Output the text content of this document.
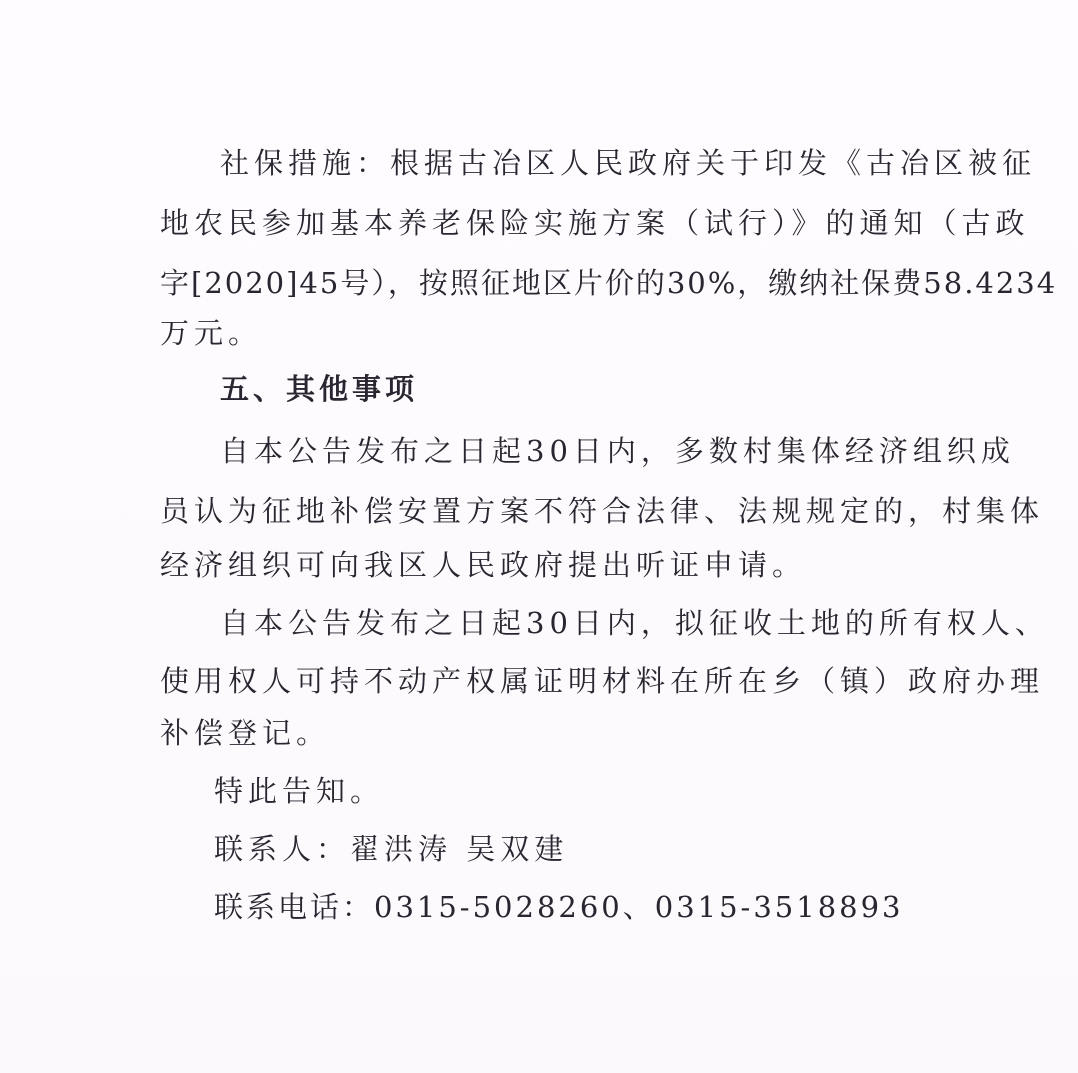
社保措施：根据古冶区人民政府关于印发《古冶区被征
地农民参加基本养老保险实施方案（试行）》的通知（古政
字[2020]45号），按照征地区片价的30%，缴纳社保费58.4234
万元。
五、其他事项
自本公告发布之日起30日内，多数村集体经济组织成
员认为征地补偿安置方案不符合法律、法规规定的，村集体
经济组织可向我区人民政府提出听证申请。
自本公告发布之日起30日内，拟征收土地的所有权人、
使用权人可持不动产权属证明材料在所在乡（镇）政府办理
补偿登记。
特此告知。
联系人：翟洪涛 吴双建
联系电话：0315-5028260、0315-3518893
